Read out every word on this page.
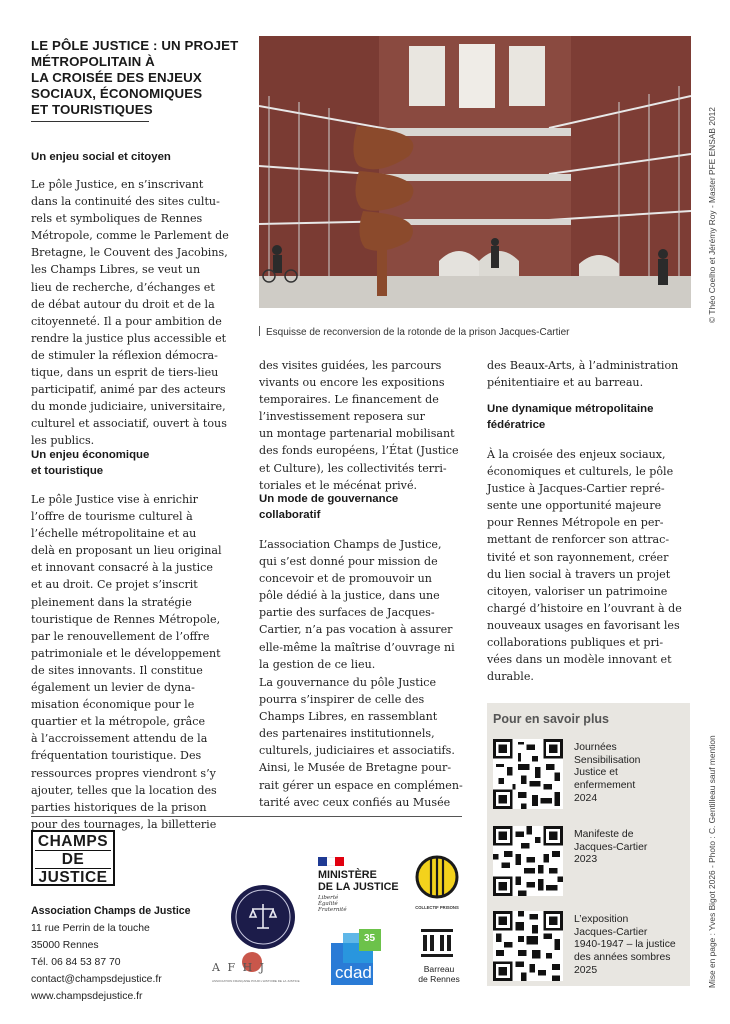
LE PÔLE JUSTICE : UN PROJET
MÉTROPOLITAIN À
LA CROISÉE DES ENJEUX
SOCIAUX, ÉCONOMIQUES
ET TOURISTIQUES
Un enjeu social et citoyen
Le pôle Justice, en s’inscrivant
dans la continuité des sites cultu-
rels et symboliques de Rennes
Métropole, comme le Parlement de
Bretagne, le Couvent des Jacobins,
les Champs Libres, se veut un
lieu de recherche, d’échanges et
de débat autour du droit et de la
citoyenneté. Il a pour ambition de
rendre la justice plus accessible et
de stimuler la réflexion démocra-
tique, dans un esprit de tiers-lieu
participatif, animé par des acteurs
du monde judiciaire, universitaire,
culturel et associatif, ouvert à tous
les publics.
Un enjeu économique
et touristique
Le pôle Justice vise à enrichir
l’offre de tourisme culturel à
l’échelle métropolitaine et au
delà en proposant un lieu original
et innovant consacré à la justice
et au droit. Ce projet s’inscrit
pleinement dans la stratégie
touristique de Rennes Métropole,
par le renouvellement de l’offre
patrimoniale et le développement
de sites innovants. Il constitue
également un levier de dyna-
misation économique pour le
quartier et la métropole, grâce
à l’accroissement attendu de la
fréquentation touristique. Des
ressources propres viendront s’y
ajouter, telles que la location des
parties historiques de la prison
pour des tournages, la billetterie
Esquisse de reconversion de la rotonde de la prison Jacques-Cartier
© Théo Coelho et Jérémy Roy - Master PFE ENSAB 2012
des visites guidées, les parcours
vivants ou encore les expositions
temporaires. Le financement de
l’investissement reposera sur
un montage partenarial mobilisant
des fonds européens, l’État (Justice
et Culture), les collectivités terri-
toriales et le mécénat privé.
Un mode de gouvernance
collaboratif
L’association Champs de Justice,
qui s’est donné pour mission de
concevoir et de promouvoir un
pôle dédié à la justice, dans une
partie des surfaces de Jacques-
Cartier, n’a pas vocation à assurer
elle-même la maîtrise d’ouvrage ni
la gestion de ce lieu.
La gouvernance du pôle Justice
pourra s’inspirer de celle des
Champs Libres, en rassemblant
des partenaires institutionnels,
culturels, judiciaires et associatifs.
Ainsi, le Musée de Bretagne pour-
rait gérer un espace en complémen-
tarité avec ceux confiés au Musée
des Beaux-Arts, à l’administration
pénitentiaire et au barreau.
Une dynamique métropolitaine
fédératrice
À la croisée des enjeux sociaux,
économiques et culturels, le pôle
Justice à Jacques-Cartier repré-
sente une opportunité majeure
pour Rennes Métropole en per-
mettant de renforcer son attrac-
tivité et son rayonnement, créer
du lien social à travers un projet
citoyen, valoriser un patrimoine
chargé d’histoire en l’ouvrant à de
nouveaux usages en favorisant les
collaborations publiques et pri-
vées dans un modèle innovant et
durable.
Pour en savoir plus
Journées
Sensibilisation
Justice et
enfermement
2024
Manifeste de
Jacques-Cartier
2023
L’exposition
Jacques-Cartier
1940-1947 – la justice
des années sombres
2025	Mise en page : Yves Bigot 2026 - Photo : C. Gentilleau sauf mention
CHAMPS
DE
JUSTICE
Association Champs de Justice
11 rue Perrin de la touche
35000 Rennes
Tél. 06 84 53 87 70
contact@champsdejustice.fr
www.champsdejustice.fr
MINISTÈRE
DE LA JUSTICE
Liberté
Égalité
Fraternité	COLLECTIF PRISONS
A F H J
ASSOCIATION FRANÇAISE POUR L’HISTOIRE DE LA JUSTICE
35
cdad	Barreau
de Rennes
